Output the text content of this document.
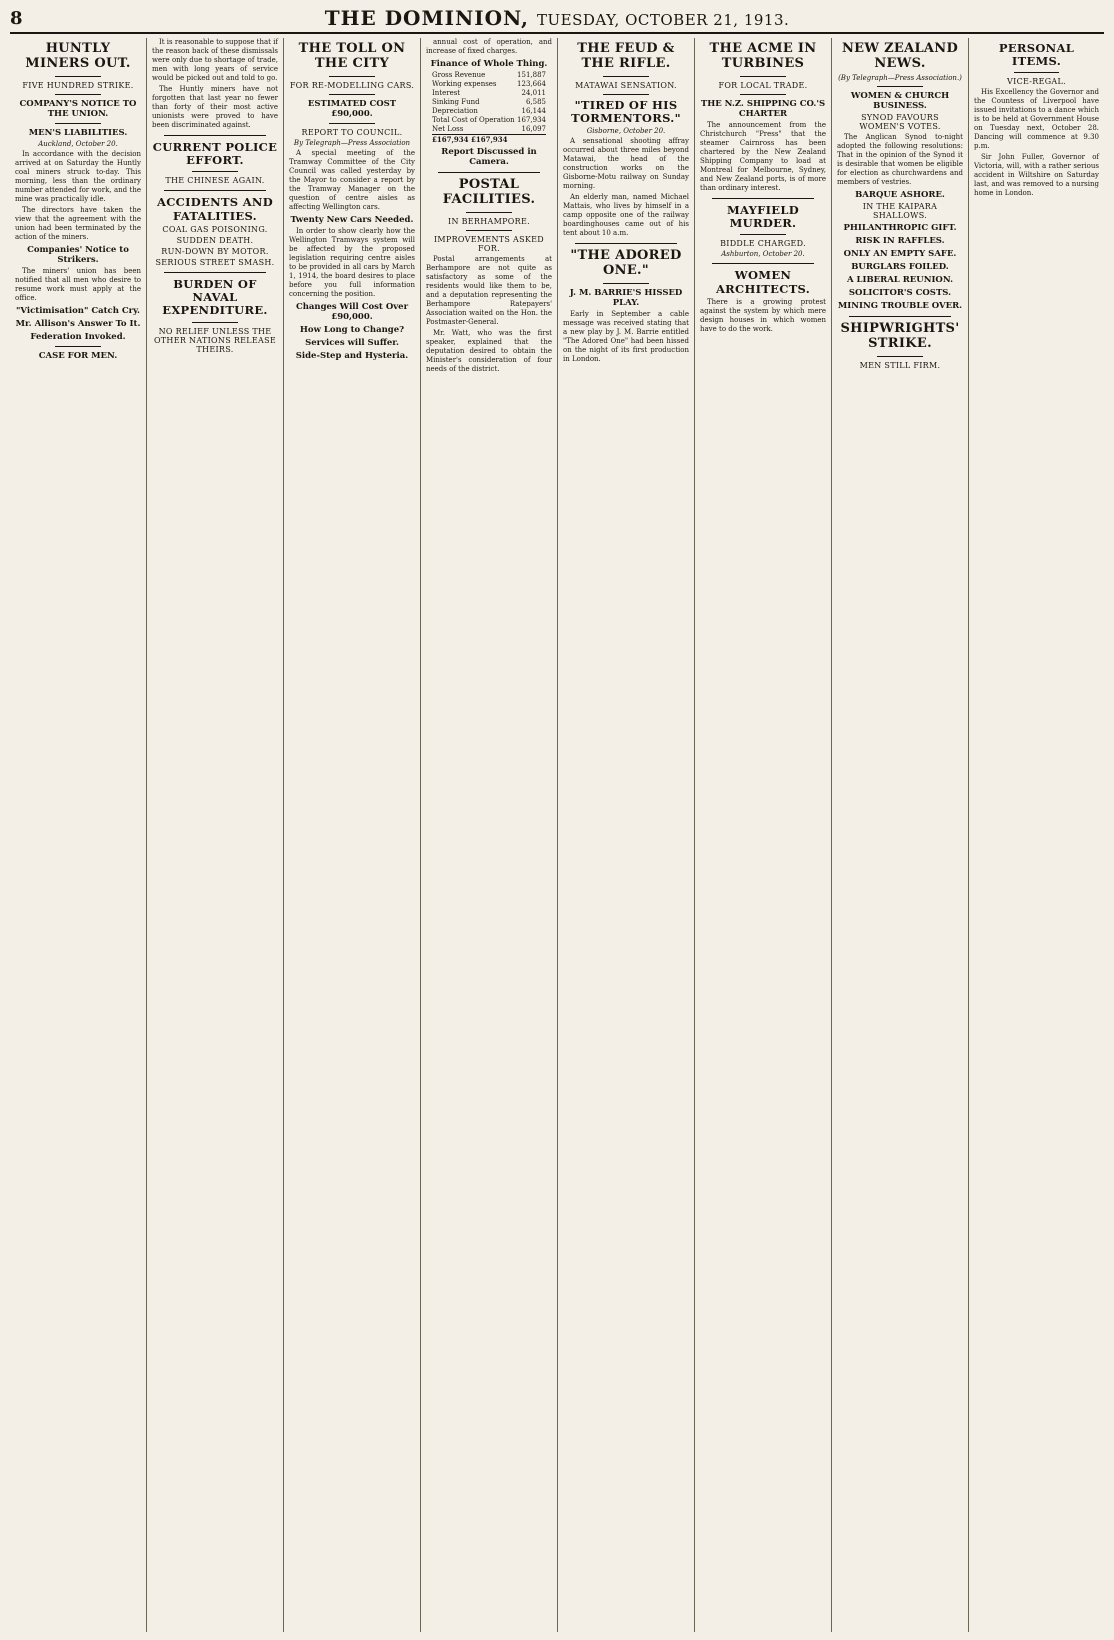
8	THE DOMINION, TUESDAY, OCTOBER 21, 1913.
HUNTLY MINERS OUT.
FIVE HUNDRED STRIKE.
COMPANY'S NOTICE TO THE UNION.
MEN'S LIABILITIES.
Auckland, October 20.

In accordance with the decision arrived at on Saturday the Huntly coal miners struck to-day. This morning, less than the ordinary number attended for work, and the mine was practically idle.

The directors have taken the view that the agreement with the union had been terminated by the action of the miners.

Companies' Notice to Strikers.

The miners' union has been notified that all men who desire to resume work must apply at the office.

"Victimisation" Catch Cry.
Mr. Allison's Answer To It.
Federation Invoked.
CASE FOR MEN.

It is reasonable to suppose that if the reason back of these dismissals were only due to shortage of trade, men with long years of service would be picked out and told to go.

The Huntly miners have not forgotten that last year no fewer than forty of their most active unionists were proved to have been discriminated against.

CURRENT POLICE EFFORT.
THE CHINESE AGAIN.
ACCIDENTS AND FATALITIES.
COAL GAS POISONING.
SUDDEN DEATH.
RUN-DOWN BY MOTOR.
SERIOUS STREET SMASH.
BURDEN OF NAVAL EXPENDITURE.
NO RELIEF UNLESS THE OTHER NATIONS RELEASE THEIRS.
THE TOLL ON THE CITY
FOR RE-MODELLING CARS.
ESTIMATED COST £90,000.
REPORT TO COUNCIL.
By Telegraph—Press Association

A special meeting of the Tramway Committee of the City Council was called yesterday by the Mayor to consider a report by the Tramway Manager on the question of centre aisles as affecting Wellington cars.

Twenty New Cars Needed.

In order to show clearly how the Wellington Tramways system will be affected by the proposed legislation requiring centre aisles to be provided in all cars by March 1, 1914, the board desires to place before you full information concerning the position.

Changes Will Cost Over £90,000.
How Long to Change?
Services will Suffer.
Side-Step and Hysteria.

annual cost of operation, and increase of fixed charges.

Finance of Whole Thing.
Gross Revenue	151,887
Working expenses	123,664
Interest	24,011
Sinking Fund	6,585
Depreciation	16,144
Total Cost of Operation 167,934
Net Loss	16,097
£167,934 £167,934
Report Discussed in Camera.
POSTAL FACILITIES.
IN BERHAMPORE.
IMPROVEMENTS ASKED FOR.

Postal arrangements at Berhampore are not quite as satisfactory as some of the residents would like them to be, and a deputation representing the Berhampore Ratepayers' Association waited on the Hon. the Postmaster-General.

Mr. Watt, who was the first speaker, explained that the deputation desired to obtain the Minister's consideration of four needs of the district.

THE FEUD & THE RIFLE.
MATAWAI SENSATION.
"TIRED OF HIS TORMENTORS."
Gisborne, October 20.

A sensational shooting affray occurred about three miles beyond Matawai, the head of the construction works on the Gisborne-Motu railway on Sunday morning.

An elderly man, named Michael Mattais, who lives by himself in a camp opposite one of the railway boardinghouses came out of his tent about 10 a.m.

"THE ADORED ONE."
J. M. BARRIE'S HISSED PLAY.

Early in September a cable message was received stating that a new play by J. M. Barrie entitled "The Adored One" had been hissed on the night of its first production in London.

THE ACME IN TURBINES
FOR LOCAL TRADE.
THE N.Z. SHIPPING CO.'S CHARTER

The announcement from the Christchurch "Press" that the steamer Cairnross has been chartered by the New Zealand Shipping Company to load at Montreal for Melbourne, Sydney, and New Zealand ports, is of more than ordinary interest.

MAYFIELD MURDER.
BIDDLE CHARGED.
Ashburton, October 20.
WOMEN ARCHITECTS.

There is a growing protest against the system by which mere design houses in which women have to do the work.

NEW ZEALAND NEWS.
(By Telegraph—Press Association.)
WOMEN & CHURCH BUSINESS.
SYNOD FAVOURS WOMEN'S VOTES.

The Anglican Synod to-night adopted the following resolutions: That in the opinion of the Synod it is desirable that women be eligible for election as churchwardens and members of vestries.

BARQUE ASHORE.
IN THE KAIPARA SHALLOWS.
PHILANTHROPIC GIFT.
RISK IN RAFFLES.
ONLY AN EMPTY SAFE.
BURGLARS FOILED.
A LIBERAL REUNION.
SOLICITOR'S COSTS.
MINING TROUBLE OVER.
SHIPWRIGHTS' STRIKE.
MEN STILL FIRM.
PERSONAL ITEMS.
VICE-REGAL.

His Excellency the Governor and the Countess of Liverpool have issued invitations to a dance which is to be held at Government House on Tuesday next, October 28. Dancing will commence at 9.30 p.m.

Sir John Fuller, Governor of Victoria, will, with a rather serious accident in Wiltshire on Saturday last, and was removed to a nursing home in London.
